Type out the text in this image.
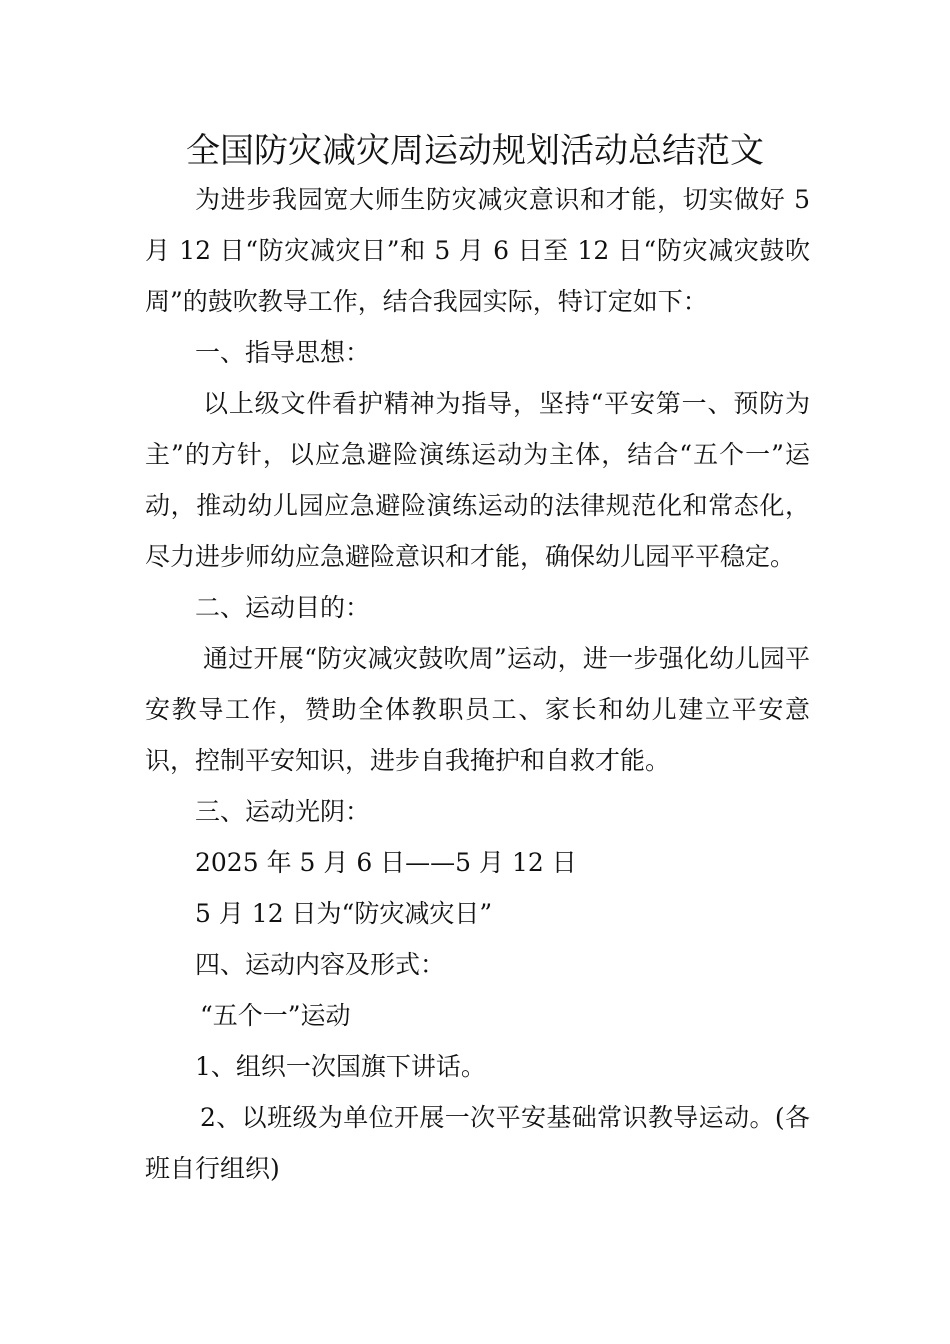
全国防灾减灾周运动规划活动总结范文

为进步我园宽大师生防灾减灾意识和才能，切实做好 5 月 12 日“防灾减灾日”和 5 月 6 日至 12 日“防灾减灾鼓吹周”的鼓吹教导工作，结合我园实际，特订定如下：

一、指导思想：

以上级文件看护精神为指导，坚持“平安第一、预防为主”的方针，以应急避险演练运动为主体，结合“五个一”运动，推动幼儿园应急避险演练运动的法律规范化和常态化，尽力进步师幼应急避险意识和才能，确保幼儿园平平稳定。

二、运动目的：

通过开展“防灾减灾鼓吹周”运动，进一步强化幼儿园平安教导工作，赞助全体教职员工、家长和幼儿建立平安意识，控制平安知识，进步自我掩护和自救才能。

三、运动光阴：

2025 年 5 月 6 日——5 月 12 日

5 月 12 日为“防灾减灾日”

四、运动内容及形式：

“五个一”运动

1、组织一次国旗下讲话。

2、以班级为单位开展一次平安基础常识教导运动。(各班自行组织)
